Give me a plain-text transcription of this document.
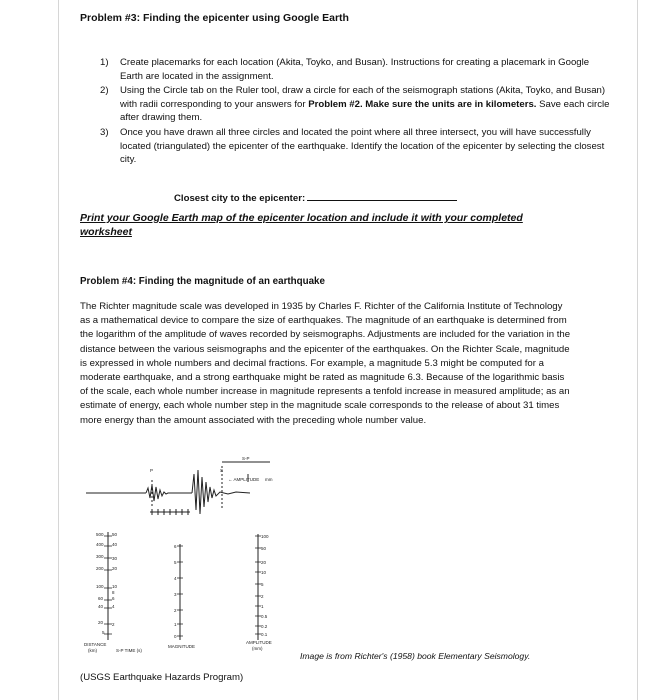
Problem #3: Finding the epicenter using Google Earth
1) Create placemarks for each location (Akita, Toyko, and Busan). Instructions for creating a placemark in Google Earth are located in the assignment.
2) Using the Circle tab on the Ruler tool, draw a circle for each of the seismograph stations (Akita, Toyko, and Busan) with radii corresponding to your answers for Problem #2. Make sure the units are in kilometers. Save each circle after drawing them.
3) Once you have drawn all three circles and located the point where all three intersect, you will have successfully located (triangulated) the epicenter of the earthquake. Identify the location of the epicenter by selecting the closest city.
Closest city to the epicenter:
Print your Google Earth map of the epicenter location and include it with your completed worksheet
Problem #4: Finding the magnitude of an earthquake

The Richter magnitude scale was developed in 1935 by Charles F. Richter of the California Institute of Technology as a mathematical device to compare the size of earthquakes. The magnitude of an earthquake is determined from the logarithm of the amplitude of waves recorded by seismographs. Adjustments are included for the variation in the distance between the various seismographs and the epicenter of the earthquakes. On the Richter Scale, magnitude is expressed in whole numbers and decimal fractions. For example, a magnitude 5.3 might be computed for a moderate earthquake, and a strong earthquake might be rated as magnitude 6.3. Because of the logarithmic basis of the scale, each whole number increase in magnitude represents a tenfold increase in measured amplitude; as an estimate of energy, each whole number step in the magnitude scale corresponds to the release of about 31 times more energy than the amount associated with the preceding whole number value.

P	S
← AMPLITUDE mm
S-P
500
400
300
200
100
60
40
20
5
50
40
30
20
10
8
6
4
2
6
5
4
3
2
1
0
100
50
20
10
5
2
1
0.5
0.2
0.1
DISTANCE
(km)	S-P TIME (s)
MAGNITUDE
AMPLITUDE
(mm)
Image is from Richter's (1958) book Elementary Seismology.
(USGS Earthquake Hazards Program)
